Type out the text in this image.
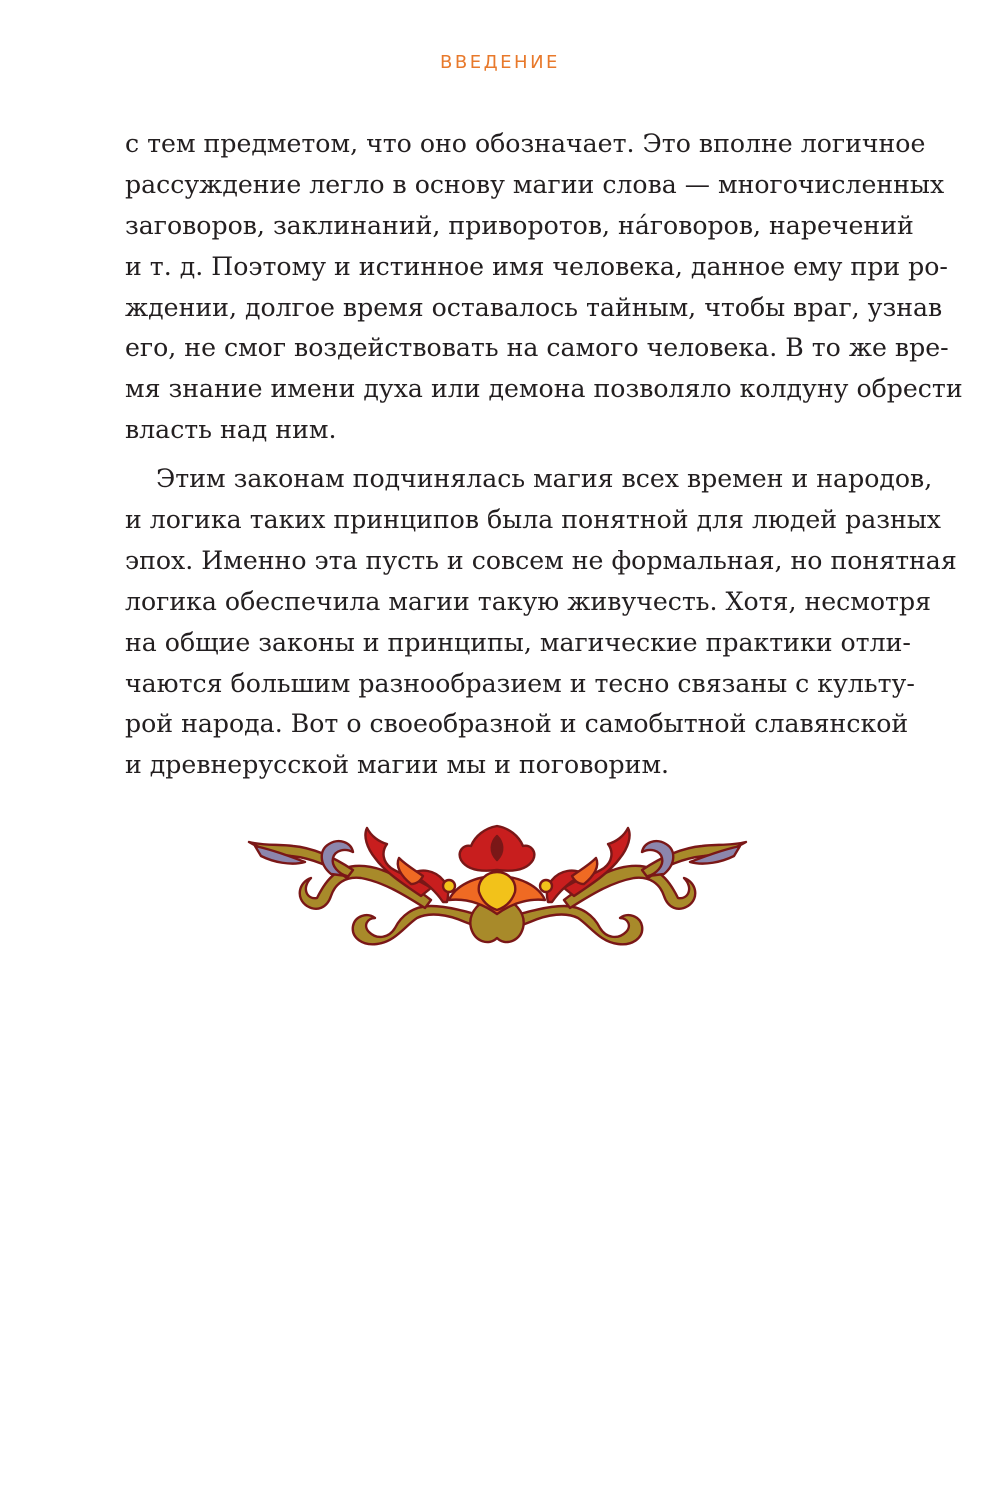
ВВЕДЕНИЕ
с тем предметом, что оно обозначает. Это вполне логичное
рассуждение легло в основу магии слова — многочисленных
заговоров, заклинаний, приворотов, нáговоров, наречений
и т. д. Поэтому и истинное имя человека, данное ему при ро-
ждении, долгое время оставалось тайным, чтобы враг, узнав
его, не смог воздействовать на самого человека. В то же вре-
мя знание имени духа или демона позволяло колдуну обрести
власть над ним.
Этим законам подчинялась магия всех времен и народов,
и логика таких принципов была понятной для людей разных
эпох. Именно эта пусть и совсем не формальная, но понятная
логика обеспечила магии такую живучесть. Хотя, несмотря
на общие законы и принципы, магические практики отли-
чаются большим разнообразием и тесно связаны с культу-
рой народа. Вот о своеобразной и самобытной славянской
и древнерусской магии мы и поговорим.
